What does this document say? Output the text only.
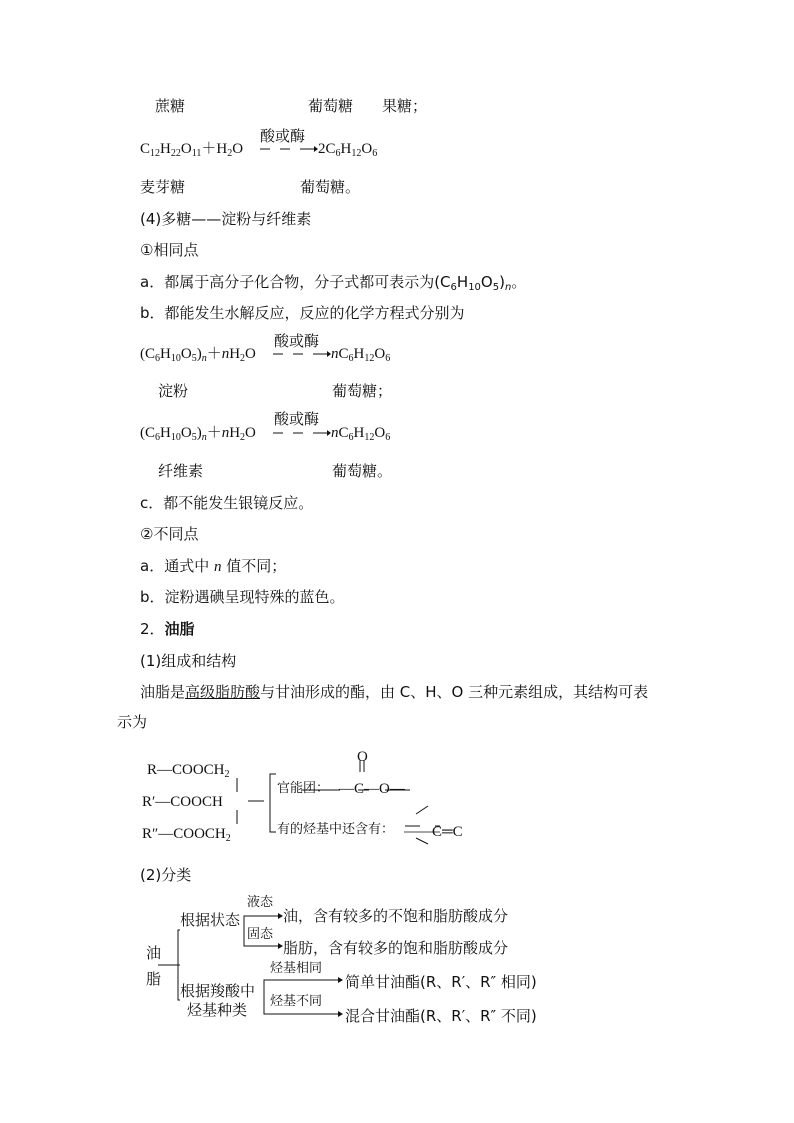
蔗糖	葡萄糖 果糖；
酸或酶
$C_{12}H_{22}O_{11}+H_2O$	$2C_6H_{12}O_6$
麦芽糖	葡萄糖。
(4)多糖——淀粉与纤维素
①相同点
a．都属于高分子化合物，分子式都可表示为$(C_6H_{10}O_5)_n$。
b．都能发生水解反应，反应的化学方程式分别为
酸或酶
$(C_6H_{10}O_5)_n+nH_2O$	$nC_6H_{12}O_6$
淀粉	葡萄糖；
酸或酶
$(C_6H_{10}O_5)_n+nH_2O$	$nC_6H_{12}O_6$
纤维素	葡萄糖。
c．都不能发生银镜反应。
②不同点
a．通式中 n 值不同；
b．淀粉遇碘呈现特殊的蓝色。
2．油脂
(1)组成和结构
油脂是高级脂肪酸与甘油形成的酯，由 C、H、O 三种元素组成，其结构可表
示为
$R—COOCH_2$
R′—COOCH
$R''—COOCH_2$
官能团：
O
—C—O—
有的烃基中还含有：	C═C
(2)分类
油
脂
根据状态
液态
油，含有较多的不饱和脂肪酸成分
固态
脂肪，含有较多的饱和脂肪酸成分
根据羧酸中
烃基种类
烃基相同
简单甘油酯(R、R′、R″ 相同)
烃基不同
混合甘油酯(R、R′、R″ 不同)
